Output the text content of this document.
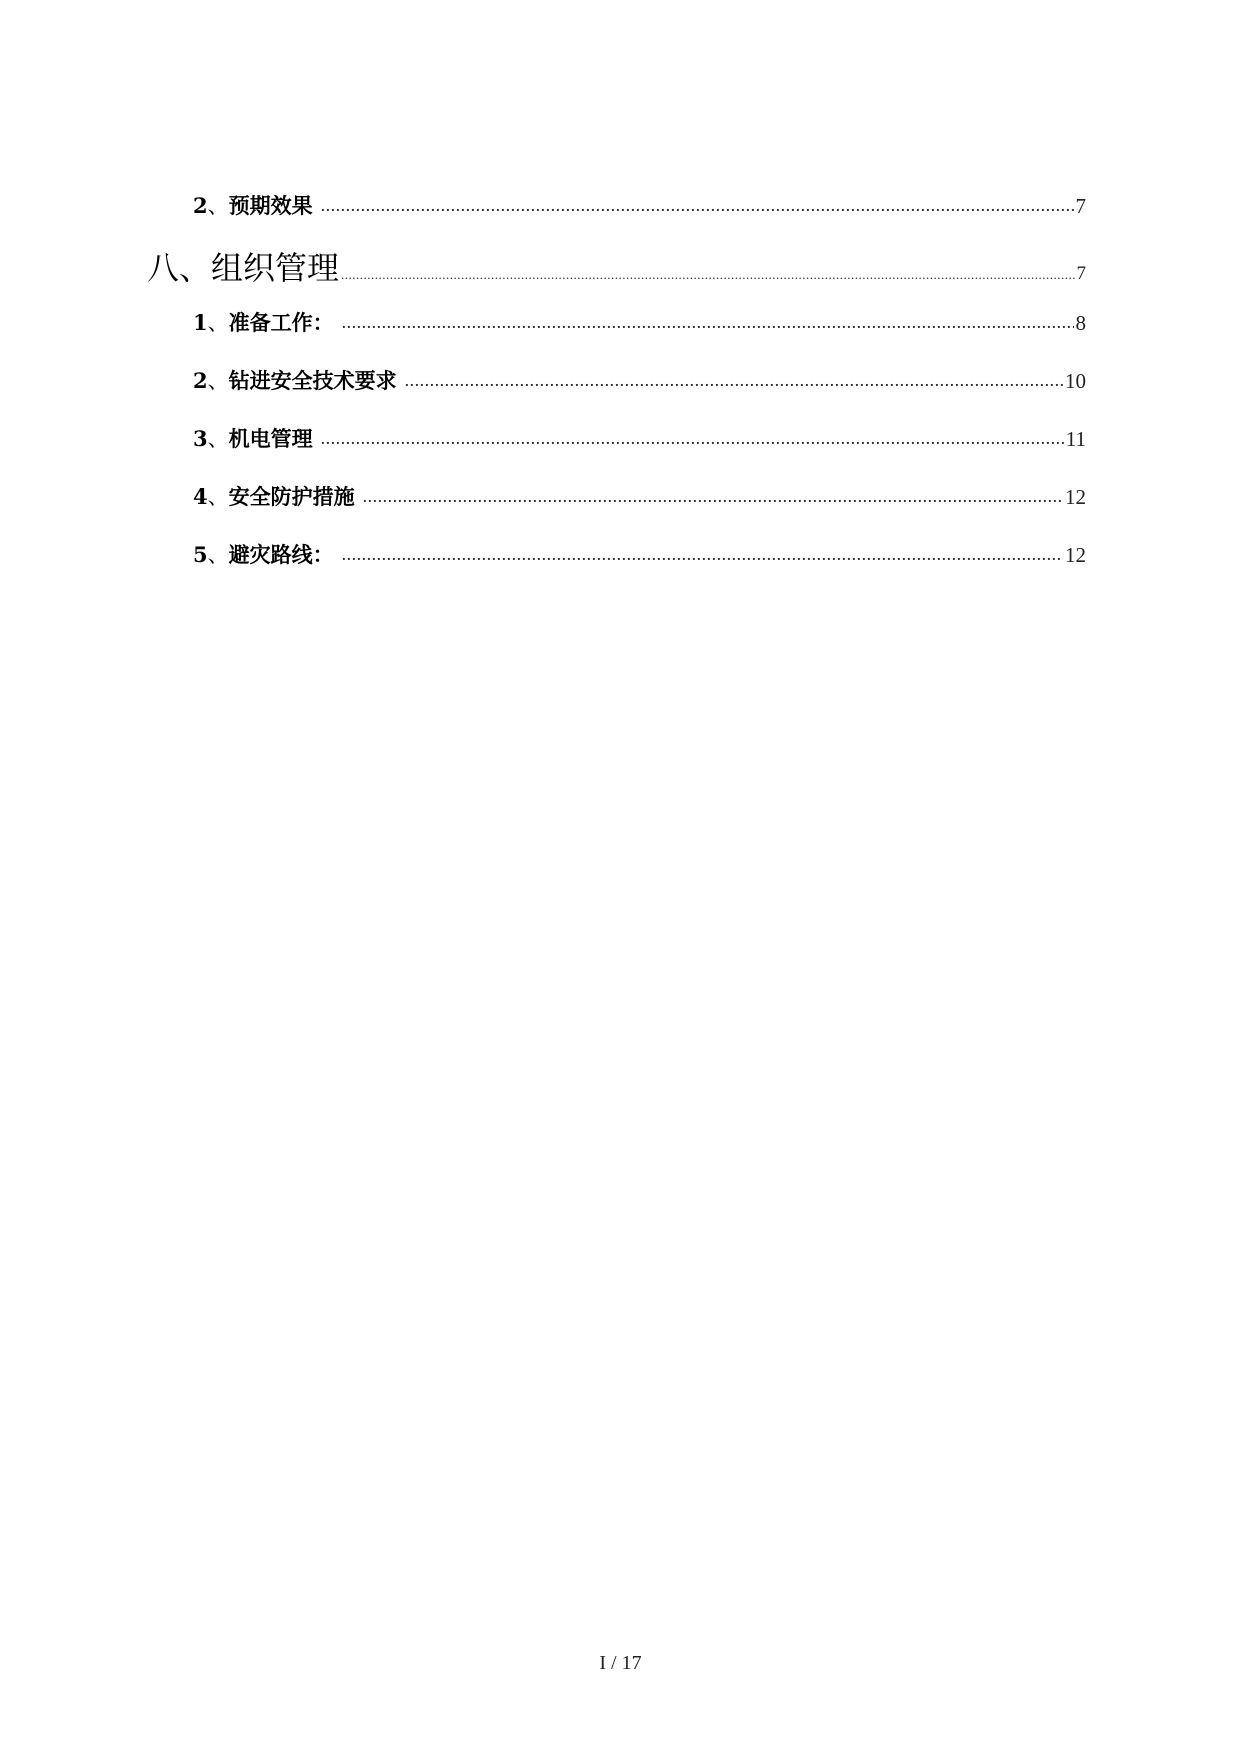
2、预期效果 .....	7
八、组织管理 .....	7
1、准备工作： .....	8
2、钻进安全技术要求 .....	10
3、机电管理 .....	11
4、安全防护措施 .....	12
5、避灾路线： .....	12
I / 17
